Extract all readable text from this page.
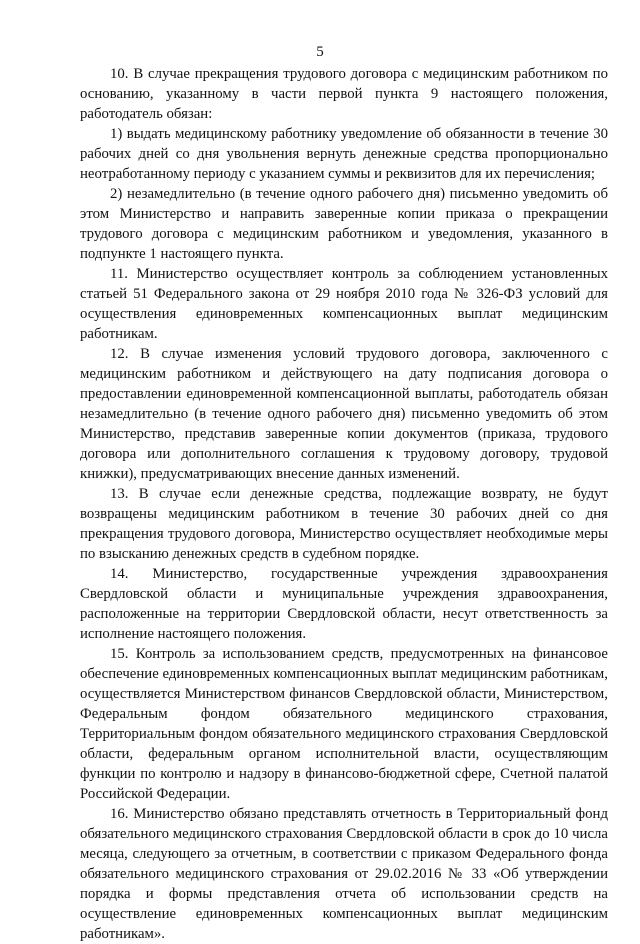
5

10. В случае прекращения трудового договора с медицинским работником по основанию, указанному в части первой пункта 9 настоящего положения, работодатель обязан:

1) выдать медицинскому работнику уведомление об обязанности в течение 30 рабочих дней со дня увольнения вернуть денежные средства пропорционально неотработанному периоду с указанием суммы и реквизитов для их перечисления;

2) незамедлительно (в течение одного рабочего дня) письменно уведомить об этом Министерство и направить заверенные копии приказа о прекращении трудового договора с медицинским работником и уведомления, указанного в подпункте 1 настоящего пункта.

11. Министерство осуществляет контроль за соблюдением установленных статьей 51 Федерального закона от 29 ноября 2010 года № 326-ФЗ условий для осуществления единовременных компенсационных выплат медицинским работникам.

12. В случае изменения условий трудового договора, заключенного с медицинским работником и действующего на дату подписания договора о предоставлении единовременной компенсационной выплаты, работодатель обязан незамедлительно (в течение одного рабочего дня) письменно уведомить об этом Министерство, представив заверенные копии документов (приказа, трудового договора или дополнительного соглашения к трудовому договору, трудовой книжки), предусматривающих внесение данных изменений.

13. В случае если денежные средства, подлежащие возврату, не будут возвращены медицинским работником в течение 30 рабочих дней со дня прекращения трудового договора, Министерство осуществляет необходимые меры по взысканию денежных средств в судебном порядке.

14. Министерство, государственные учреждения здравоохранения Свердловской области и муниципальные учреждения здравоохранения, расположенные на территории Свердловской области, несут ответственность за исполнение настоящего положения.

15. Контроль за использованием средств, предусмотренных на финансовое обеспечение единовременных компенсационных выплат медицинским работникам, осуществляется Министерством финансов Свердловской области, Министерством, Федеральным фондом обязательного медицинского страхования, Территориальным фондом обязательного медицинского страхования Свердловской области, федеральным органом исполнительной власти, осуществляющим функции по контролю и надзору в финансово-бюджетной сфере, Счетной палатой Российской Федерации.

16. Министерство обязано представлять отчетность в Территориальный фонд обязательного медицинского страхования Свердловской области в срок до 10 числа месяца, следующего за отчетным, в соответствии с приказом Федерального фонда обязательного медицинского страхования от 29.02.2016 № 33 «Об утверждении порядка и формы представления отчета об использовании средств на осуществление единовременных компенсационных выплат медицинским работникам».
